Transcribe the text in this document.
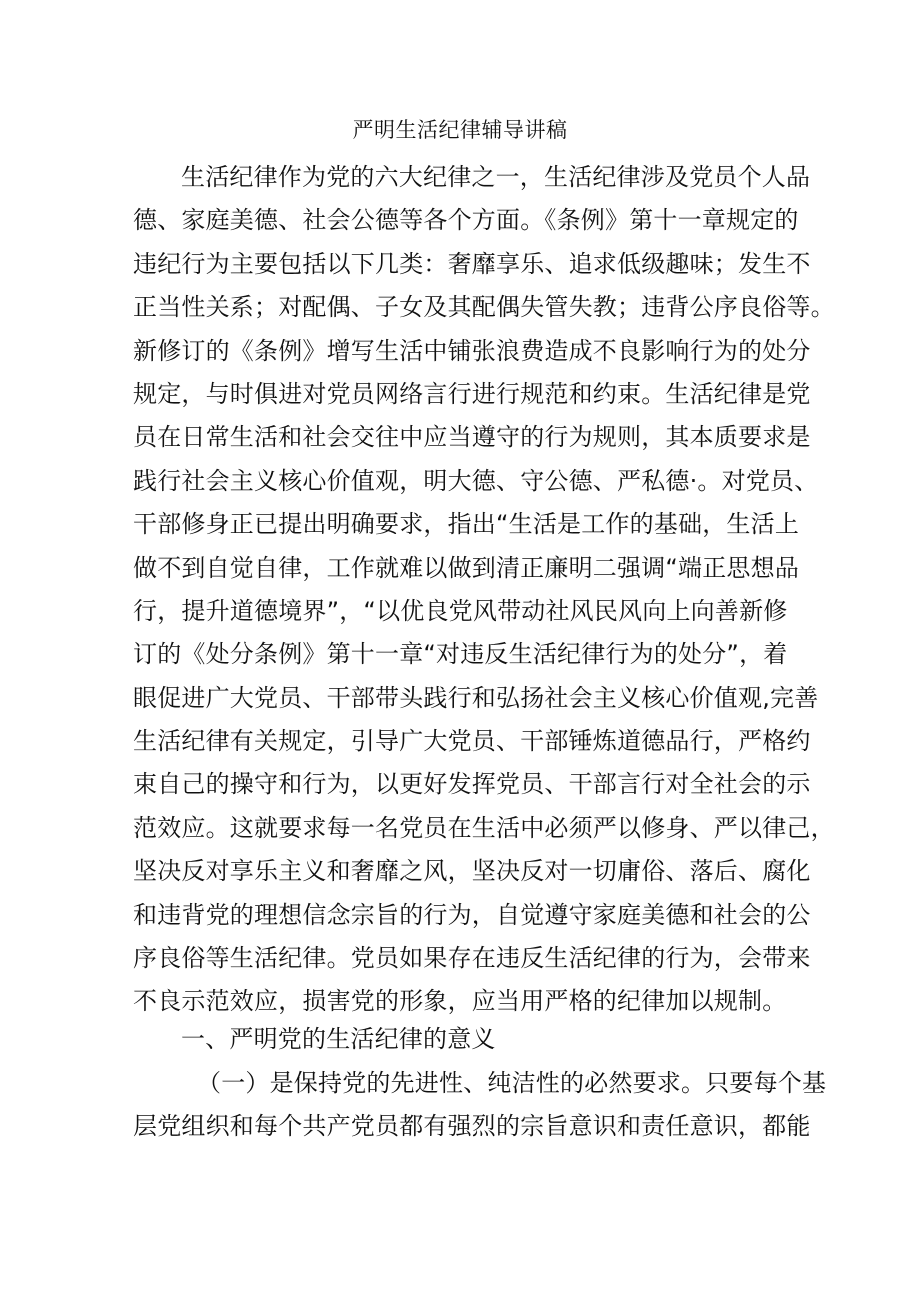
严明生活纪律辅导讲稿
生活纪律作为党的六大纪律之一，生活纪律涉及党员个人品
德、家庭美德、社会公德等各个方面。《条例》第十一章规定的
违纪行为主要包括以下几类：奢靡享乐、追求低级趣味；发生不
正当性关系；对配偶、子女及其配偶失管失教；违背公序良俗等。
新修订的《条例》增写生活中铺张浪费造成不良影响行为的处分
规定，与时俱进对党员网络言行进行规范和约束。生活纪律是党
员在日常生活和社会交往中应当遵守的行为规则，其本质要求是
践行社会主义核心价值观，明大德、守公德、严私德·。对党员、
干部修身正已提出明确要求，指出“生活是工作的基础，生活上
做不到自觉自律，工作就难以做到清正廉明二强调“端正思想品
行，提升道德境界”，“以优良党风带动社风民风向上向善新修
订的《处分条例》第十一章“对违反生活纪律行为的处分”，着
眼促进广大党员、干部带头践行和弘扬社会主义核心价值观,完善
生活纪律有关规定，引导广大党员、干部锤炼道德品行，严格约
束自己的操守和行为，以更好发挥党员、干部言行对全社会的示
范效应。这就要求每一名党员在生活中必须严以修身、严以律己，
坚决反对享乐主义和奢靡之风，坚决反对一切庸俗、落后、腐化
和违背党的理想信念宗旨的行为，自觉遵守家庭美德和社会的公
序良俗等生活纪律。党员如果存在违反生活纪律的行为，会带来
不良示范效应，损害党的形象，应当用严格的纪律加以规制。
一、严明党的生活纪律的意义
（一）是保持党的先进性、纯洁性的必然要求。只要每个基
层党组织和每个共产党员都有强烈的宗旨意识和责任意识，都能
